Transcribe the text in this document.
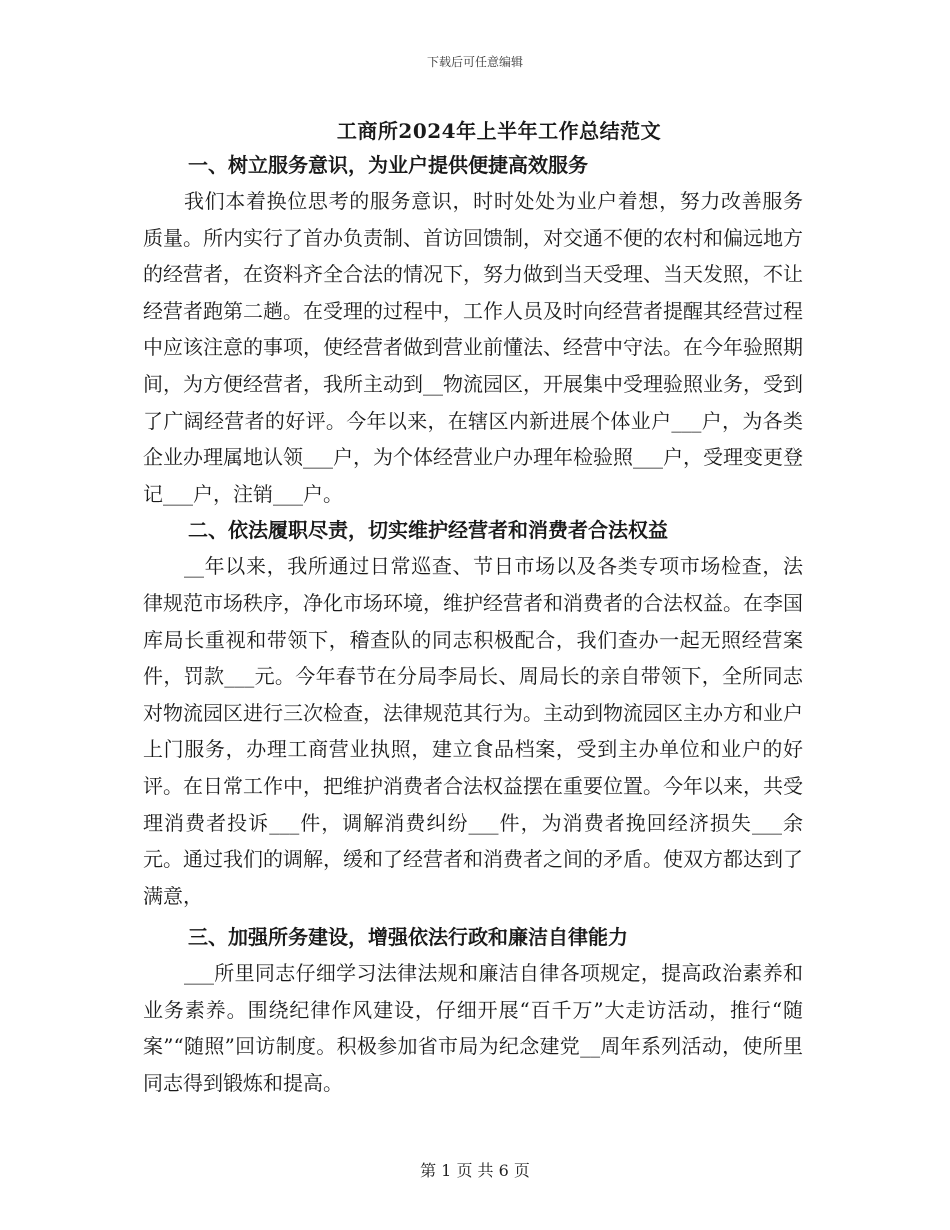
下载后可任意编辑
工商所2024年上半年工作总结范文
一、树立服务意识，为业户提供便捷高效服务

我们本着换位思考的服务意识，时时处处为业户着想，努力改善服务质量。所内实行了首办负责制、首访回馈制，对交通不便的农村和偏远地方的经营者，在资料齐全合法的情况下，努力做到当天受理、当天发照，不让经营者跑第二趟。在受理的过程中，工作人员及时向经营者提醒其经营过程中应该注意的事项，使经营者做到营业前懂法、经营中守法。在今年验照期间，为方便经营者，我所主动到__物流园区，开展集中受理验照业务，受到了广阔经营者的好评。今年以来，在辖区内新进展个体业户___户，为各类企业办理属地认领___户，为个体经营业户办理年检验照___户，受理变更登记___户，注销___户。

二、依法履职尽责，切实维护经营者和消费者合法权益

__年以来，我所通过日常巡查、节日市场以及各类专项市场检查，法律规范市场秩序，净化市场环境，维护经营者和消费者的合法权益。在李国库局长重视和带领下，稽查队的同志积极配合，我们查办一起无照经营案件，罚款___元。今年春节在分局李局长、周局长的亲自带领下，全所同志对物流园区进行三次检查，法律规范其行为。主动到物流园区主办方和业户上门服务，办理工商营业执照，建立食品档案，受到主办单位和业户的好评。在日常工作中，把维护消费者合法权益摆在重要位置。今年以来，共受理消费者投诉___件，调解消费纠纷___件，为消费者挽回经济损失___余元。通过我们的调解，缓和了经营者和消费者之间的矛盾。使双方都达到了满意，

三、加强所务建设，增强依法行政和廉洁自律能力

___所里同志仔细学习法律法规和廉洁自律各项规定，提高政治素养和业务素养。围绕纪律作风建设，仔细开展“百千万”大走访活动，推行“随案”“随照”回访制度。积极参加省市局为纪念建党__周年系列活动，使所里同志得到锻炼和提高。

第 1 页 共 6 页
